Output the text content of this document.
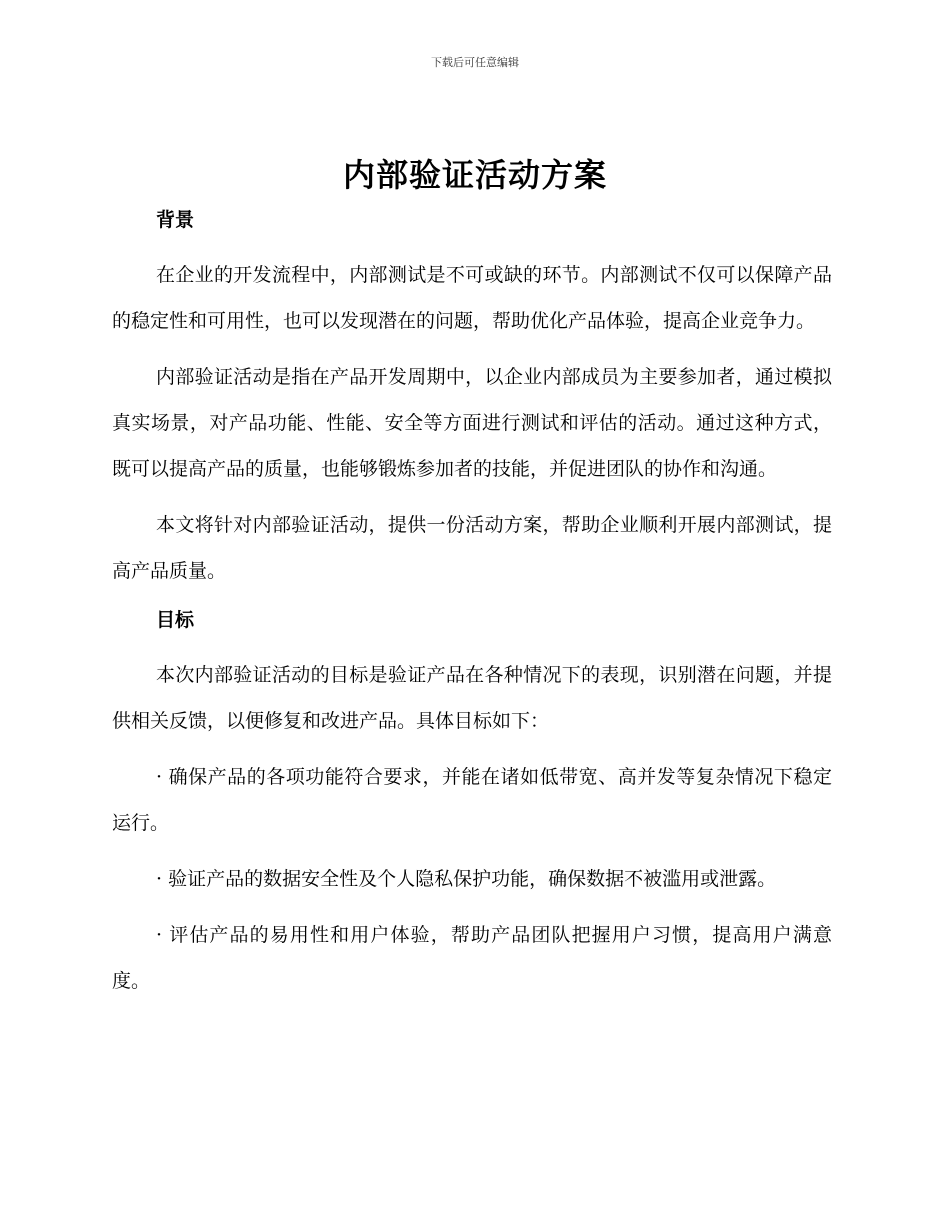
下载后可任意编辑
内部验证活动方案
背景

在企业的开发流程中，内部测试是不可或缺的环节。内部测试不仅可以保障产品的稳定性和可用性，也可以发现潜在的问题，帮助优化产品体验，提高企业竞争力。

内部验证活动是指在产品开发周期中，以企业内部成员为主要参加者，通过模拟真实场景，对产品功能、性能、安全等方面进行测试和评估的活动。通过这种方式，既可以提高产品的质量，也能够锻炼参加者的技能，并促进团队的协作和沟通。

本文将针对内部验证活动，提供一份活动方案，帮助企业顺利开展内部测试，提高产品质量。

目标

本次内部验证活动的目标是验证产品在各种情况下的表现，识别潜在问题，并提供相关反馈，以便修复和改进产品。具体目标如下：

· 确保产品的各项功能符合要求，并能在诸如低带宽、高并发等复杂情况下稳定运行。

· 验证产品的数据安全性及个人隐私保护功能，确保数据不被滥用或泄露。

· 评估产品的易用性和用户体验，帮助产品团队把握用户习惯，提高用户满意度。
